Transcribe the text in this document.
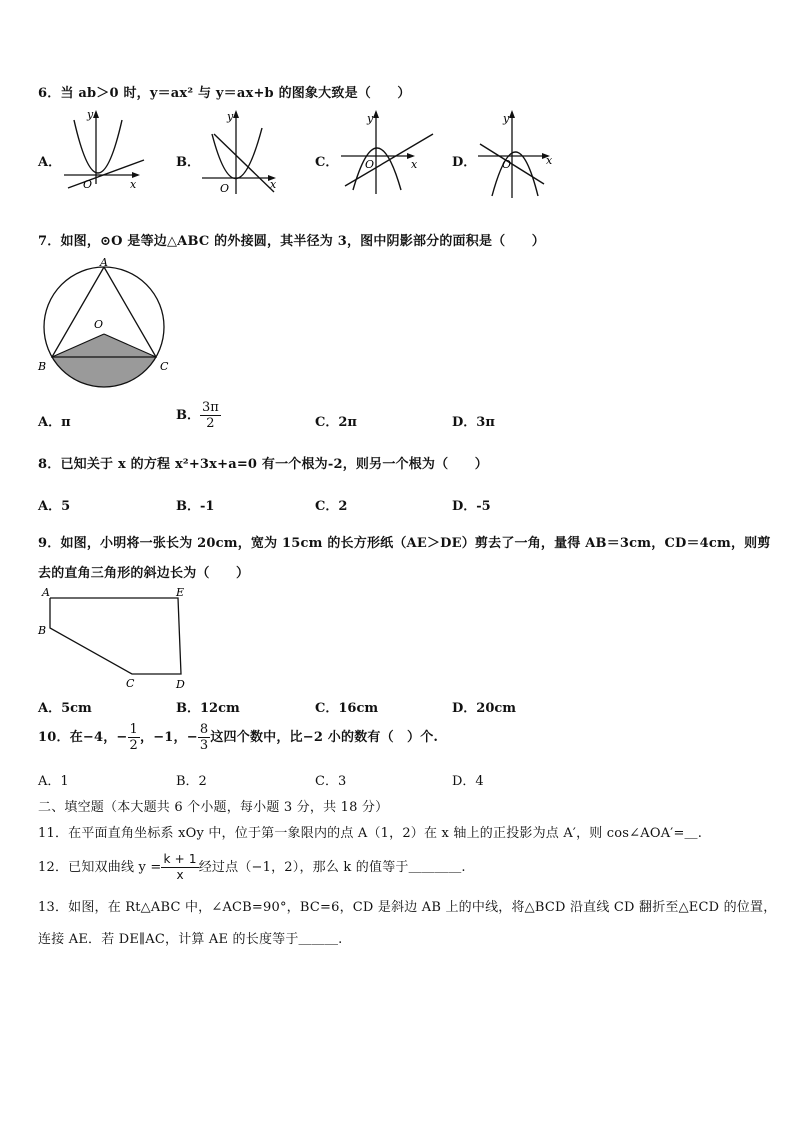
6．当 ab＞0 时，y＝ax² 与 y＝ax+b 的图象大致是（　　）
A．	B．	C．	D．
y
x
O
y
x
O
y
x
O
y
x
O
7．如图，⊙O 是等边△ABC 的外接圆，其半径为 3，图中阴影部分的面积是（　　）
A
B	C
O
A．π	B． $\frac{3\pi}{2}$	C．2π	D．3π
8．已知关于 x 的方程 x²+3x+a=0 有一个根为-2，则另一个根为（　　）
A．5	B．-1	C．2	D．-5
9．如图，小明将一张长为 20cm，宽为 15cm 的长方形纸（AE＞DE）剪去了一角，量得 AB＝3cm，CD＝4cm，则剪
去的直角三角形的斜边长为（　　）
A	E
B
C	D
A．5cm	B．12cm	C．16cm	D．20cm
10．在−4，− $\frac{1}{2}$ ，−1，− $\frac{8}{3}$ 这四个数中，比−2 小的数有（　）个.
A．1	B．2	C．3	D．4
二、填空题（本大题共 6 个小题，每小题 3 分，共 18 分）
11．在平面直角坐标系 xOy 中，位于第一象限内的点 A（1，2）在 x 轴上的正投影为点 A′，则 cos∠AOA′=＿.
12．已知双曲线 $y = \frac{k + 1}{x}$ 经过点（−1，2），那么 k 的值等于＿＿＿＿.
13．如图，在 Rt△ABC 中，∠ACB=90°，BC=6，CD 是斜边 AB 上的中线，将△BCD 沿直线 CD 翻折至△ECD 的位置，
连接 AE．若 DE∥AC，计算 AE 的长度等于＿＿＿.
